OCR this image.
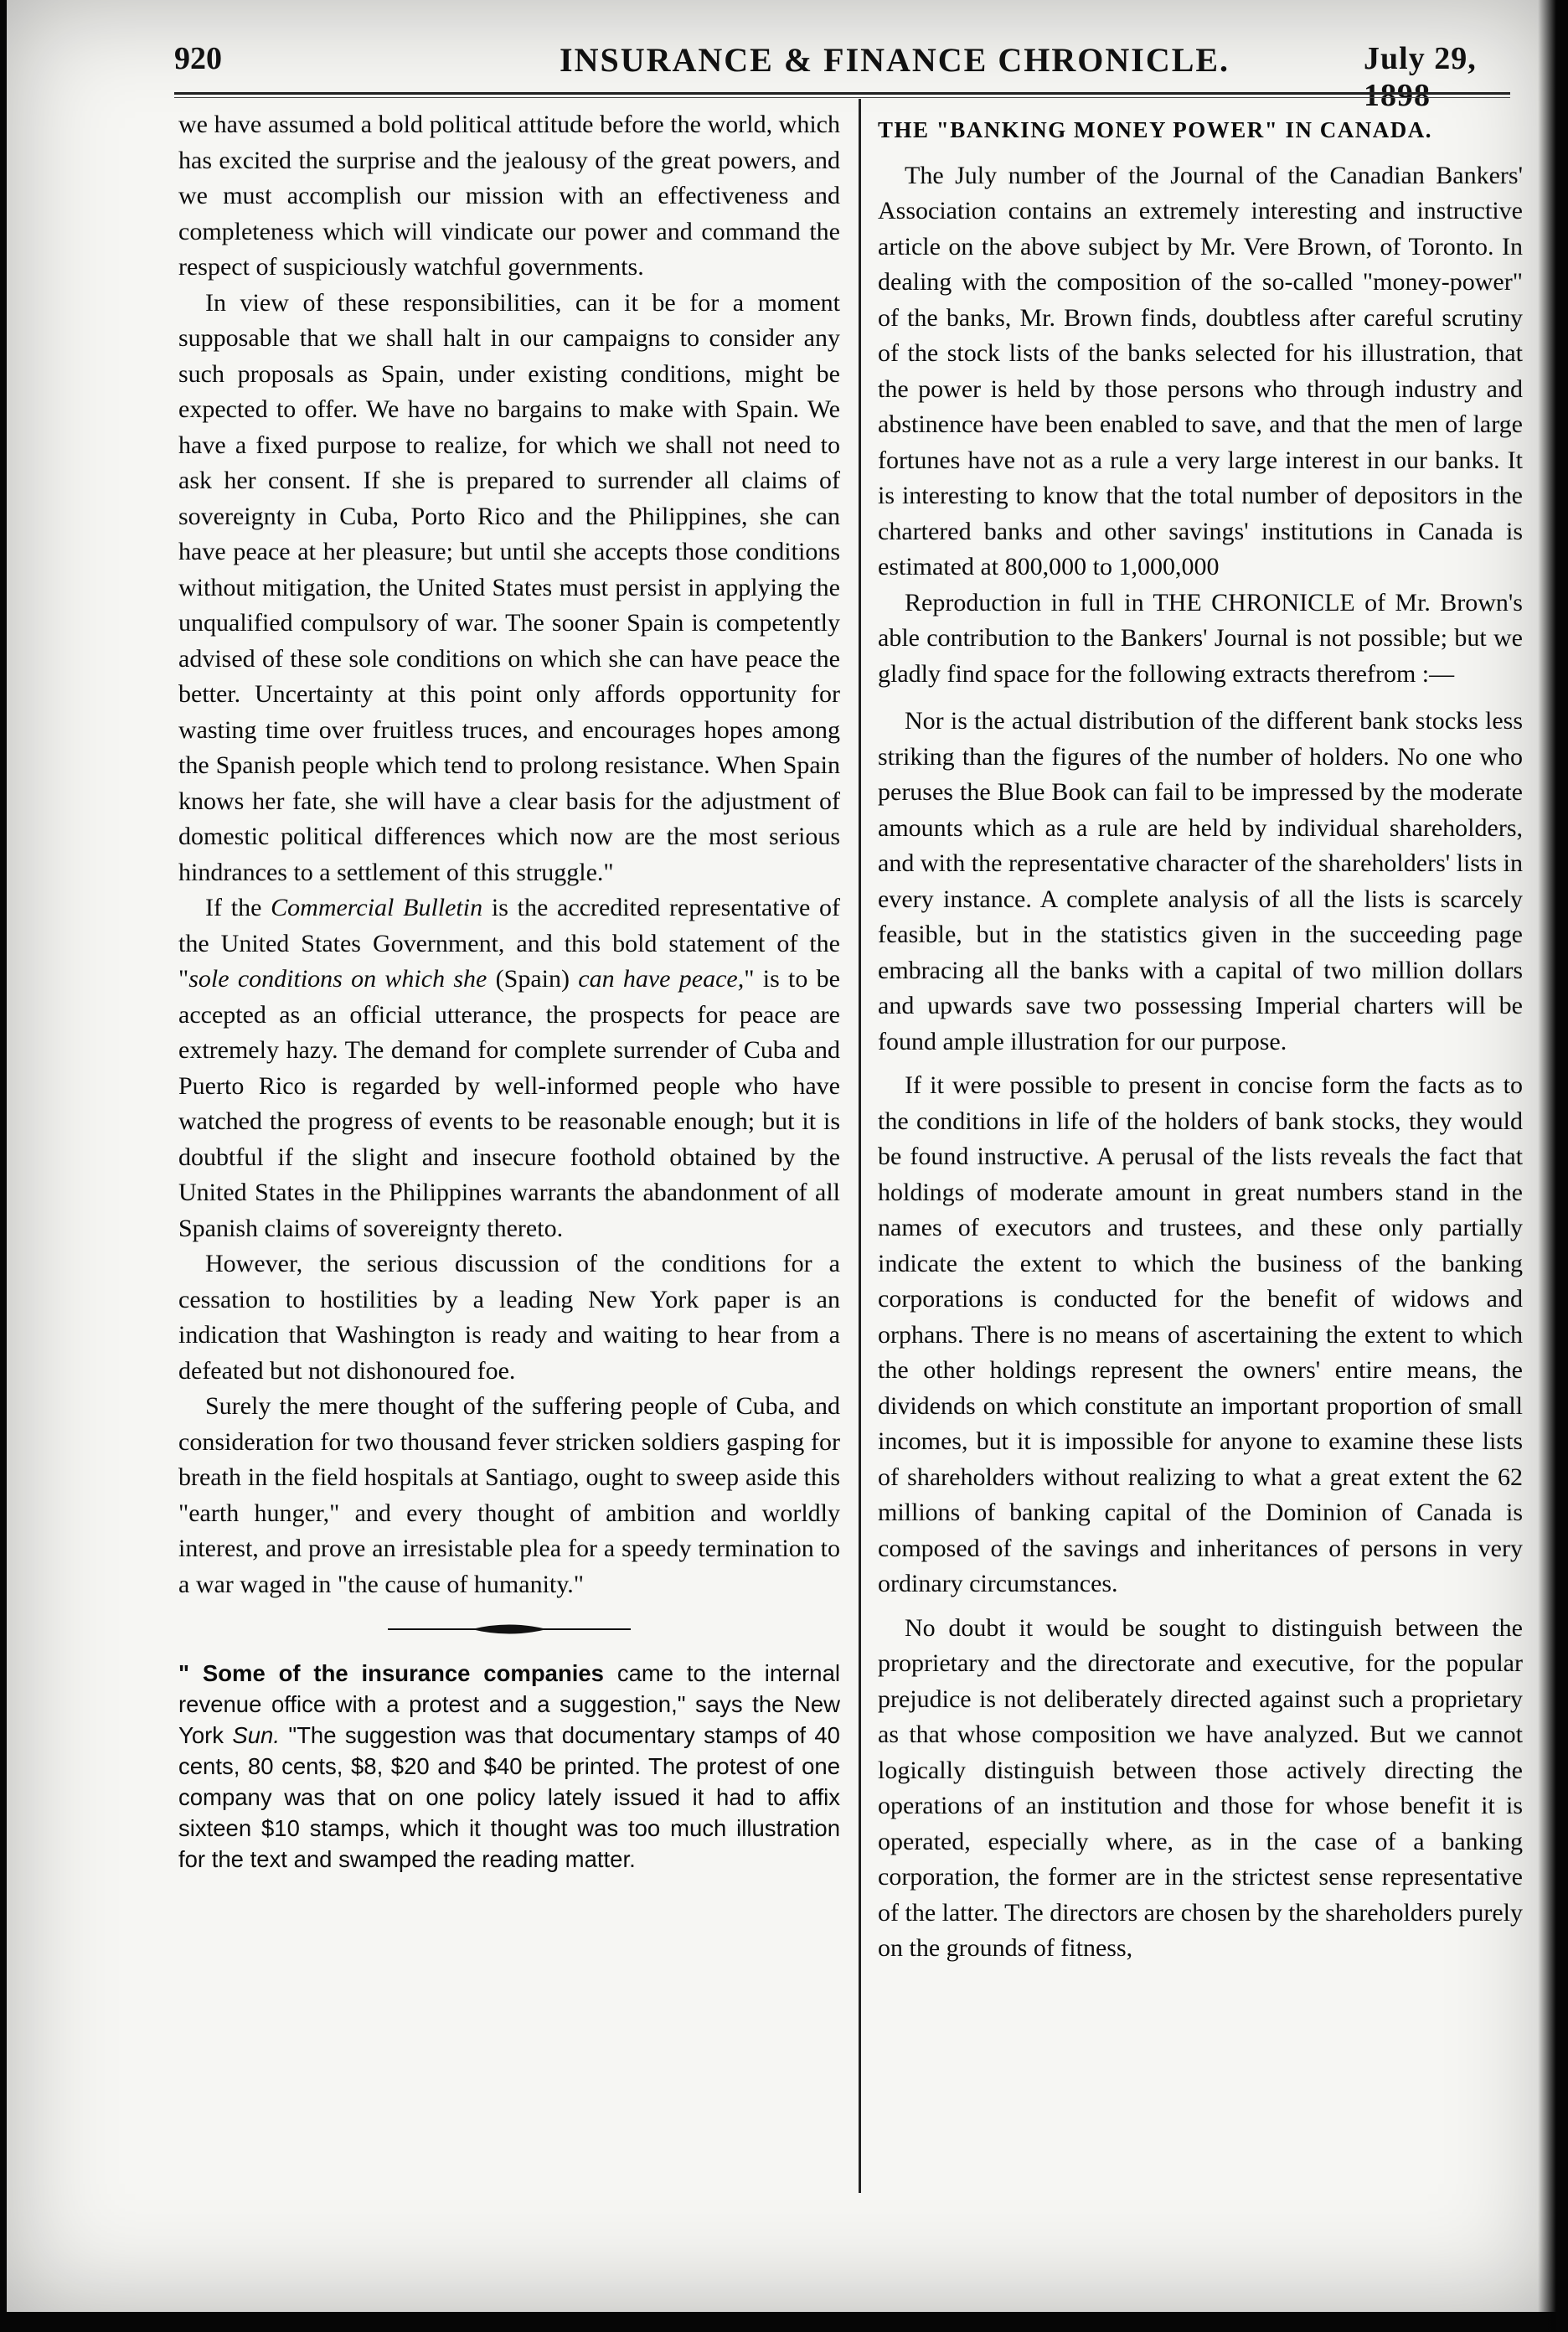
920	INSURANCE & FINANCE CHRONICLE.	July 29, 1898

we have assumed a bold political attitude before the world, which has excited the surprise and the jealousy of the great powers, and we must accomplish our mission with an effectiveness and completeness which will vindicate our power and command the respect of suspiciously watchful governments.

In view of these responsibilities, can it be for a moment supposable that we shall halt in our campaigns to consider any such proposals as Spain, under existing conditions, might be expected to offer. We have no bargains to make with Spain. We have a fixed purpose to realize, for which we shall not need to ask her consent. If she is prepared to surrender all claims of sovereignty in Cuba, Porto Rico and the Philippines, she can have peace at her pleasure; but until she accepts those conditions without mitigation, the United States must persist in applying the unqualified compulsory of war. The sooner Spain is competently advised of these sole conditions on which she can have peace the better. Uncertainty at this point only affords opportunity for wasting time over fruitless truces, and encourages hopes among the Spanish people which tend to prolong resistance. When Spain knows her fate, she will have a clear basis for the adjustment of domestic political differences which now are the most serious hindrances to a settlement of this struggle."

If the Commercial Bulletin is the accredited representative of the United States Government, and this bold statement of the "sole conditions on which she (Spain) can have peace," is to be accepted as an official utterance, the prospects for peace are extremely hazy. The demand for complete surrender of Cuba and Puerto Rico is regarded by well-informed people who have watched the progress of events to be reasonable enough; but it is doubtful if the slight and insecure foothold obtained by the United States in the Philippines warrants the abandonment of all Spanish claims of sovereignty thereto.

However, the serious discussion of the conditions for a cessation to hostilities by a leading New York paper is an indication that Washington is ready and waiting to hear from a defeated but not dishonoured foe.

Surely the mere thought of the suffering people of Cuba, and consideration for two thousand fever stricken soldiers gasping for breath in the field hospitals at Santiago, ought to sweep aside this "earth hunger," and every thought of ambition and worldly interest, and prove an irresistable plea for a speedy termination to a war waged in "the cause of humanity."

" Some of the insurance companies came to the internal revenue office with a protest and a suggestion," says the New York Sun. "The suggestion was that documentary stamps of 40 cents, 80 cents, $8, $20 and $40 be printed. The protest of one company was that on one policy lately issued it had to affix sixteen $10 stamps, which it thought was too much illustration for the text and swamped the reading matter.

THE "BANKING MONEY POWER" IN CANADA.

The July number of the Journal of the Canadian Bankers' Association contains an extremely interesting and instructive article on the above subject by Mr. Vere Brown, of Toronto. In dealing with the composition of the so-called "money-power" of the banks, Mr. Brown finds, doubtless after careful scrutiny of the stock lists of the banks selected for his illustration, that the power is held by those persons who through industry and abstinence have been enabled to save, and that the men of large fortunes have not as a rule a very large interest in our banks. It is interesting to know that the total number of depositors in the chartered banks and other savings' institutions in Canada is estimated at 800,000 to 1,000,000

Reproduction in full in THE CHRONICLE of Mr. Brown's able contribution to the Bankers' Journal is not possible; but we gladly find space for the following extracts therefrom :—

Nor is the actual distribution of the different bank stocks less striking than the figures of the number of holders. No one who peruses the Blue Book can fail to be impressed by the moderate amounts which as a rule are held by individual shareholders, and with the representative character of the shareholders' lists in every instance. A complete analysis of all the lists is scarcely feasible, but in the statistics given in the succeeding page embracing all the banks with a capital of two million dollars and upwards save two possessing Imperial charters will be found ample illustration for our purpose.

If it were possible to present in concise form the facts as to the conditions in life of the holders of bank stocks, they would be found instructive. A perusal of the lists reveals the fact that holdings of moderate amount in great numbers stand in the names of executors and trustees, and these only partially indicate the extent to which the business of the banking corporations is conducted for the benefit of widows and orphans. There is no means of ascertaining the extent to which the other holdings represent the owners' entire means, the dividends on which constitute an important proportion of small incomes, but it is impossible for anyone to examine these lists of shareholders without realizing to what a great extent the 62 millions of banking capital of the Dominion of Canada is composed of the savings and inheritances of persons in very ordinary circumstances.

No doubt it would be sought to distinguish between the proprietary and the directorate and executive, for the popular prejudice is not deliberately directed against such a proprietary as that whose composition we have analyzed. But we cannot logically distinguish between those actively directing the operations of an institution and those for whose benefit it is operated, especially where, as in the case of a banking corporation, the former are in the strictest sense representative of the latter. The directors are chosen by the shareholders purely on the grounds of fitness,
